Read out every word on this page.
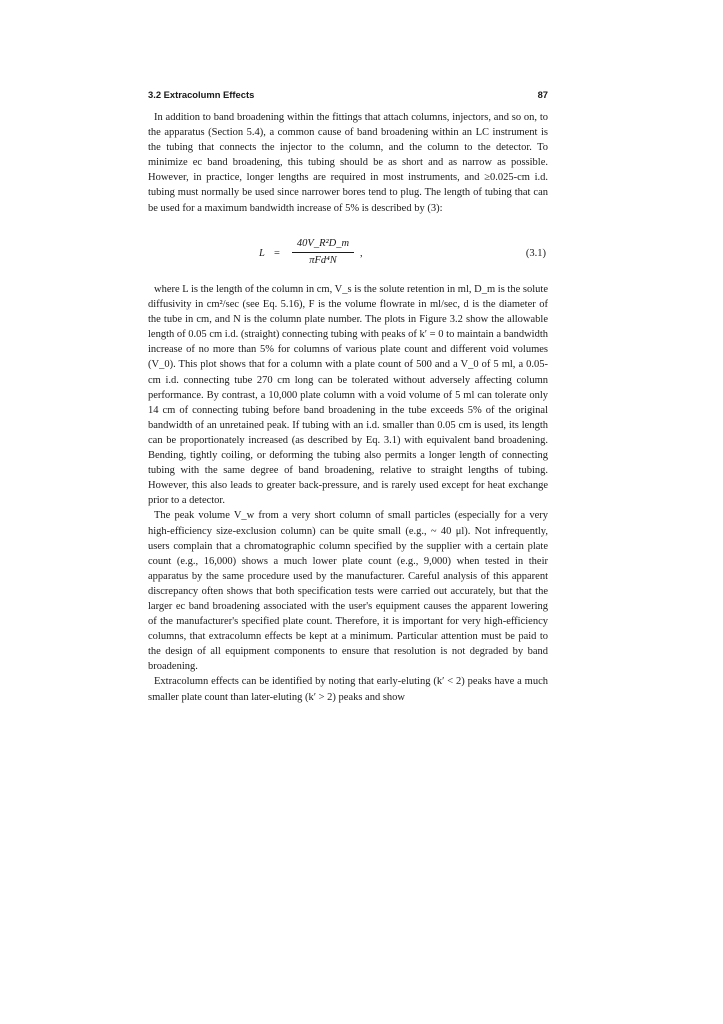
3.2 Extracolumn Effects	87

In addition to band broadening within the fittings that attach columns, injectors, and so on, to the apparatus (Section 5.4), a common cause of band broadening within an LC instrument is the tubing that connects the injector to the column, and the column to the detector. To minimize ec band broadening, this tubing should be as short and as narrow as possible. However, in practice, longer lengths are required in most instruments, and ≥0.025-cm i.d. tubing must normally be used since narrower bores tend to plug. The length of tubing that can be used for a maximum bandwidth increase of 5% is described by (3):

L =
40V_R²D_m
πFd⁴N
,	(3.1)

where L is the length of the column in cm, V_s is the solute retention in ml, D_m is the solute diffusivity in cm²/sec (see Eq. 5.16), F is the volume flowrate in ml/sec, d is the diameter of the tube in cm, and N is the column plate number. The plots in Figure 3.2 show the allowable length of 0.05 cm i.d. (straight) connecting tubing with peaks of k′ = 0 to maintain a bandwidth increase of no more than 5% for columns of various plate count and different void volumes (V_0). This plot shows that for a column with a plate count of 500 and a V_0 of 5 ml, a 0.05-cm i.d. connecting tube 270 cm long can be tolerated without adversely affecting column performance. By contrast, a 10,000 plate column with a void volume of 5 ml can tolerate only 14 cm of connecting tubing before band broadening in the tube exceeds 5% of the original bandwidth of an unretained peak. If tubing with an i.d. smaller than 0.05 cm is used, its length can be proportionately increased (as described by Eq. 3.1) with equivalent band broadening. Bending, tightly coiling, or deforming the tubing also permits a longer length of connecting tubing with the same degree of band broadening, relative to straight lengths of tubing. However, this also leads to greater back-pressure, and is rarely used except for heat exchange prior to a detector.

The peak volume V_w from a very short column of small particles (especially for a very high-efficiency size-exclusion column) can be quite small (e.g., ~ 40 μl). Not infrequently, users complain that a chromatographic column specified by the supplier with a certain plate count (e.g., 16,000) shows a much lower plate count (e.g., 9,000) when tested in their apparatus by the same procedure used by the manufacturer. Careful analysis of this apparent discrepancy often shows that both specification tests were carried out accurately, but that the larger ec band broadening associated with the user's equipment causes the apparent lowering of the manufacturer's specified plate count. Therefore, it is important for very high-efficiency columns, that extracolumn effects be kept at a minimum. Particular attention must be paid to the design of all equipment components to ensure that resolution is not degraded by band broadening.

Extracolumn effects can be identified by noting that early-eluting (k′ < 2) peaks have a much smaller plate count than later-eluting (k′ > 2) peaks and show
